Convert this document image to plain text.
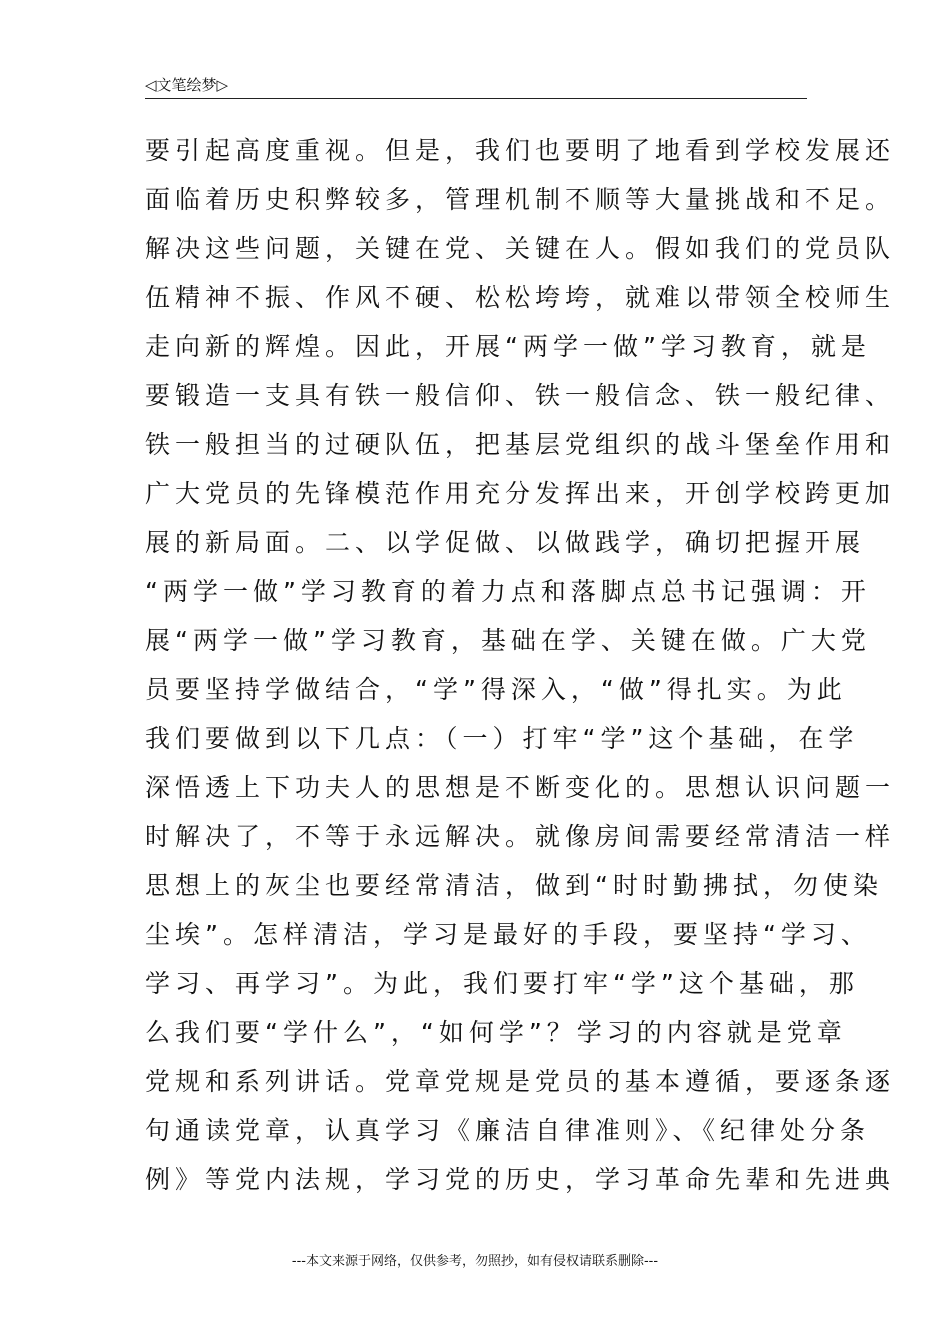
◁文笔绘梦▷
要引起高度重视。但是，我们也要明了地看到学校发展还
面临着历史积弊较多，管理机制不顺等大量挑战和不足。
解决这些问题，关键在党、关键在人。假如我们的党员队
伍精神不振、作风不硬、松松垮垮，就难以带领全校师生
走向新的辉煌。因此，开展“两学一做”学习教育，就是
要锻造一支具有铁一般信仰、铁一般信念、铁一般纪律、
铁一般担当的过硬队伍，把基层党组织的战斗堡垒作用和
广大党员的先锋模范作用充分发挥出来，开创学校跨更加
展的新局面。二、以学促做、以做践学，确切把握开展
“两学一做”学习教育的着力点和落脚点总书记强调：开
展“两学一做”学习教育，基础在学、关键在做。广大党
员要坚持学做结合，“学”得深入，“做”得扎实。为此
我们要做到以下几点：（一）打牢“学”这个基础，在学
深悟透上下功夫人的思想是不断变化的。思想认识问题一
时解决了，不等于永远解决。就像房间需要经常清洁一样
思想上的灰尘也要经常清洁，做到“时时勤拂拭，勿使染
尘埃”。怎样清洁，学习是最好的手段，要坚持“学习、
学习、再学习”。为此，我们要打牢“学”这个基础，那
么我们要“学什么”，“如何学”？学习的内容就是党章
党规和系列讲话。党章党规是党员的基本遵循，要逐条逐
句通读党章，认真学习《廉洁自律准则》、《纪律处分条
例》等党内法规，学习党的历史，学习革命先辈和先进典
---本文来源于网络，仅供参考，勿照抄，如有侵权请联系删除---
